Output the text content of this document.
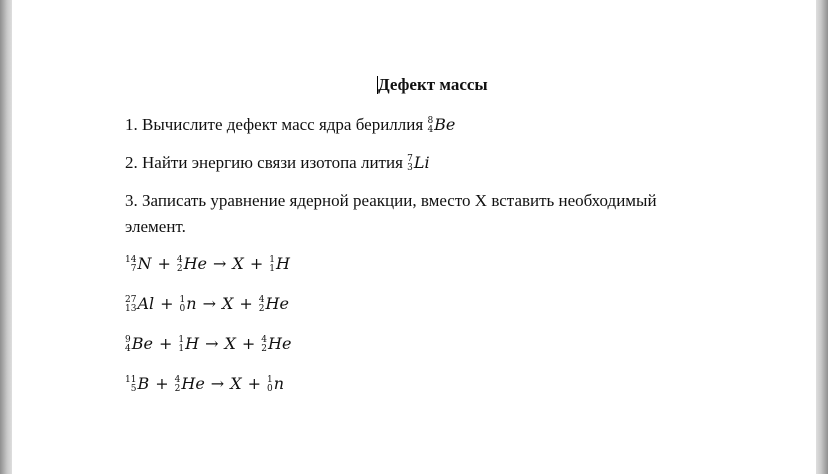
Дефект массы
1. Вычислите дефект масс ядра бериллия 8
4 Be
2. Найти энергию связи изотопа лития 7
3 Li
3. Записать уравнение ядерной реакции, вместо X вставить необходимый
элемент.
14
7 N + 4
2 He → X + 1
1 H
27
13 Al + 1
0 n → X + 4
2 He
9
4 Be + 1
1 H → X + 4
2 He
11
5 B + 4
2 He → X + 1
0 n
